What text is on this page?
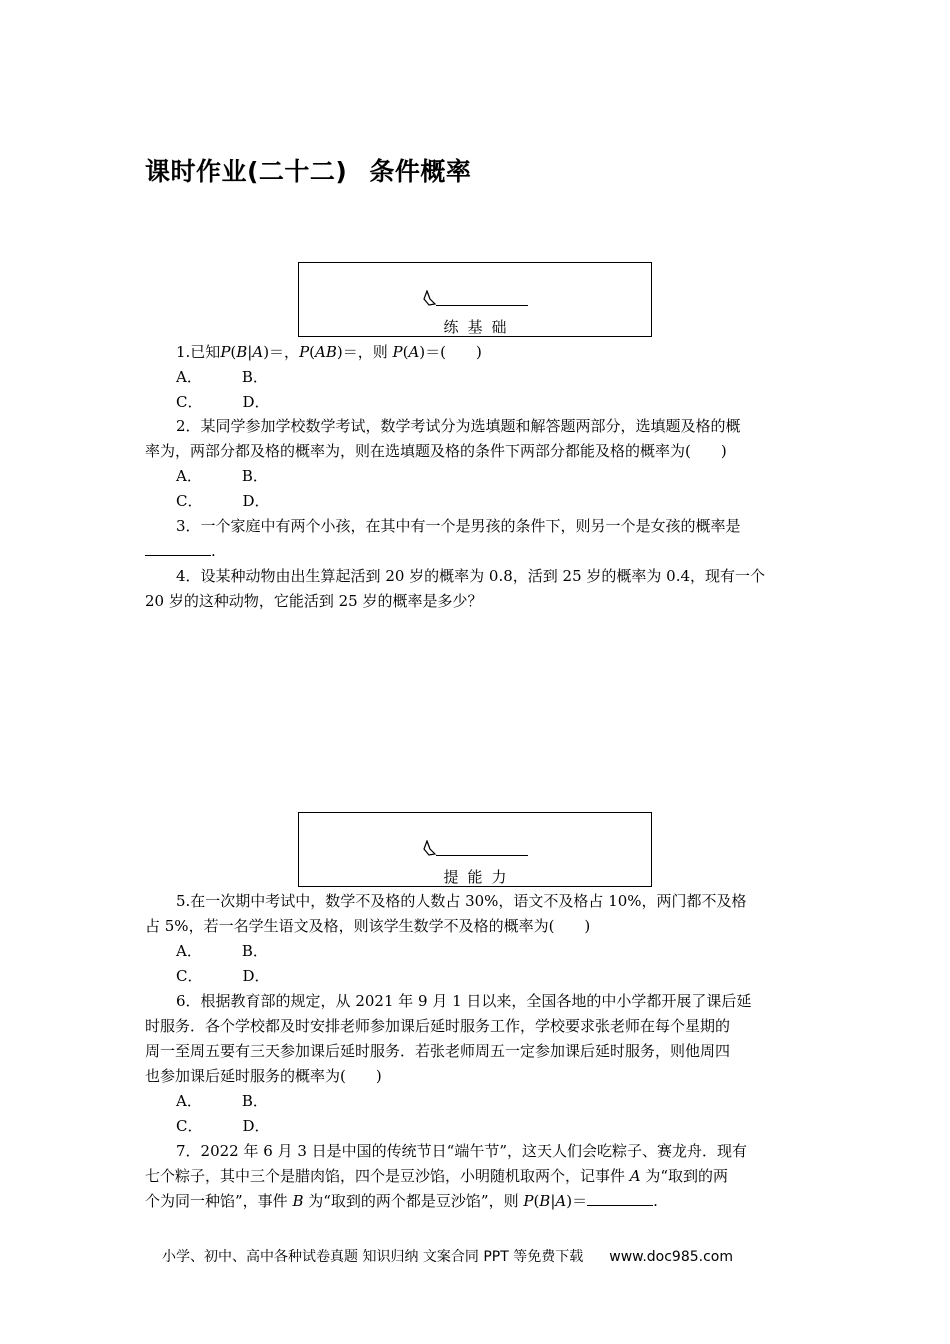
课时作业(二十二) 条件概率
练基础
1.已知P(B|A)＝，P(AB)＝，则 P(A)＝(　　)
A．	B．
C．	D．
2．某同学参加学校数学考试，数学考试分为选填题和解答题两部分，选填题及格的概
率为，两部分都及格的概率为，则在选填题及格的条件下两部分都能及格的概率为(　　)
A．	B．
C．	D．
3．一个家庭中有两个小孩，在其中有一个是男孩的条件下，则另一个是女孩的概率是
.
4．设某种动物由出生算起活到 20 岁的概率为 0.8，活到 25 岁的概率为 0.4，现有一个
20 岁的这种动物，它能活到 25 岁的概率是多少？
提能力
5.在一次期中考试中，数学不及格的人数占 30%，语文不及格占 10%，两门都不及格
占 5%，若一名学生语文及格，则该学生数学不及格的概率为(　　)
A．	B．
C．	D．
6．根据教育部的规定，从 2021 年 9 月 1 日以来，全国各地的中小学都开展了课后延
时服务．各个学校都及时安排老师参加课后延时服务工作，学校要求张老师在每个星期的
周一至周五要有三天参加课后延时服务．若张老师周五一定参加课后延时服务，则他周四
也参加课后延时服务的概率为(　　)
A．	B．
C．	D．
7．2022 年 6 月 3 日是中国的传统节日“端午节”，这天人们会吃粽子、赛龙舟．现有
七个粽子，其中三个是腊肉馅，四个是豆沙馅，小明随机取两个，记事件 A 为“取到的两
个为同一种馅”，事件 B 为“取到的两个都是豆沙馅”，则 P(B|A)＝	.
小学、初中、高中各种试卷真题 知识归纳 文案合同 PPT 等免费下载 www.doc985.com
